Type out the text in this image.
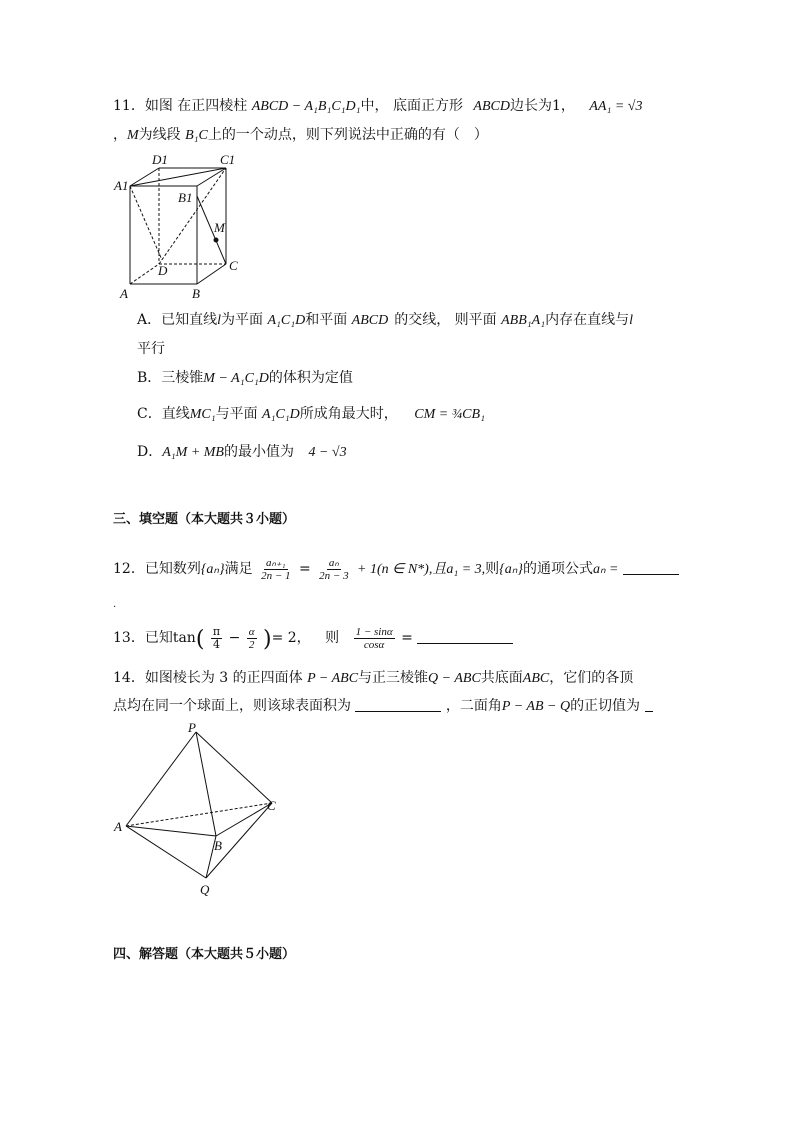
11．如图 在正四棱柱 ABCD − A₁B₁C₁D₁中， 底面正方形 ABCD边长为1， AA₁ = √3
，M为线段 B₁C上的一个动点，则下列说法中正确的有（　）
D1	C1
A1
B1
M
D	C
A	B
A．已知直线l为平面 A₁C₁D和平面 ABCD 的交线， 则平面 ABB₁A₁内存在直线与l
平行
B．三棱锥M − A₁C₁D的体积为定值
C．直线MC₁与平面 A₁C₁D所成角最大时， CM = ¾CB₁
D．A₁M + MB的最小值为 4 − √3
三、填空题（本大题共３小题）
12．已知数列{aₙ}满足 $\frac{\text{aₙ₊₁}}{2n - 1} = \frac{\text{aₙ}}{2n - 3} + 1(n$ ∈ N*),且a₁ = 3,则{aₙ}的通项公式aₙ =
.
13．已知$\tan( \frac{\pi}{4} - \frac{\alpha}{2}$ )= 2， 则 $\frac{1 - \sin\alpha}{\cos\alpha}$ =
14．如图棱长为 3 的正四面体 P − ABC与正三棱锥Q − ABC共底面ABC，它们的各顶
点均在同一个球面上，则该球表面积为	，二面角P − AB − Q的正切值为
P
A
B
C
Q
四、解答题（本大题共５小题）
